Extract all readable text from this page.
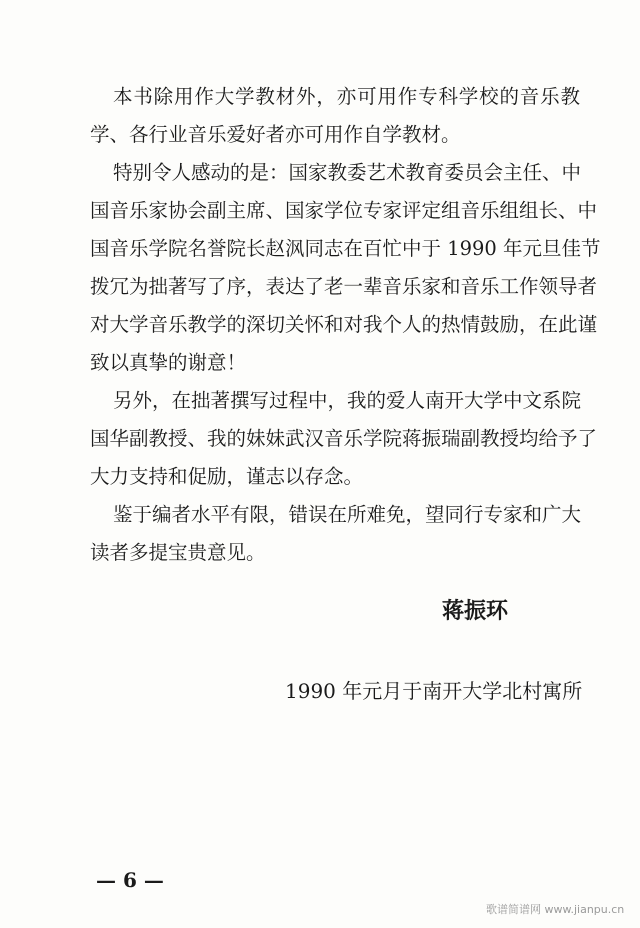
本书除用作大学教材外，亦可用作专科学校的音乐教
学、各行业音乐爱好者亦可用作自学教材。
特别令人感动的是：国家教委艺术教育委员会主任、中
国音乐家协会副主席、国家学位专家评定组音乐组组长、中
国音乐学院名誉院长赵沨同志在百忙中于 1990 年元旦佳节
拨冗为拙著写了序，表达了老一辈音乐家和音乐工作领导者
对大学音乐教学的深切关怀和对我个人的热情鼓励，在此谨
致以真挚的谢意！
另外，在拙著撰写过程中，我的爱人南开大学中文系院
国华副教授、我的妹妹武汉音乐学院蒋振瑞副教授均给予了
大力支持和促励，谨志以存念。
鉴于编者水平有限，错误在所难免，望同行专家和广大
读者多提宝贵意见。
蒋振环
1990 年元月于南开大学北村寓所
— 6 —
歌谱简谱网 www.jianpu.cn
